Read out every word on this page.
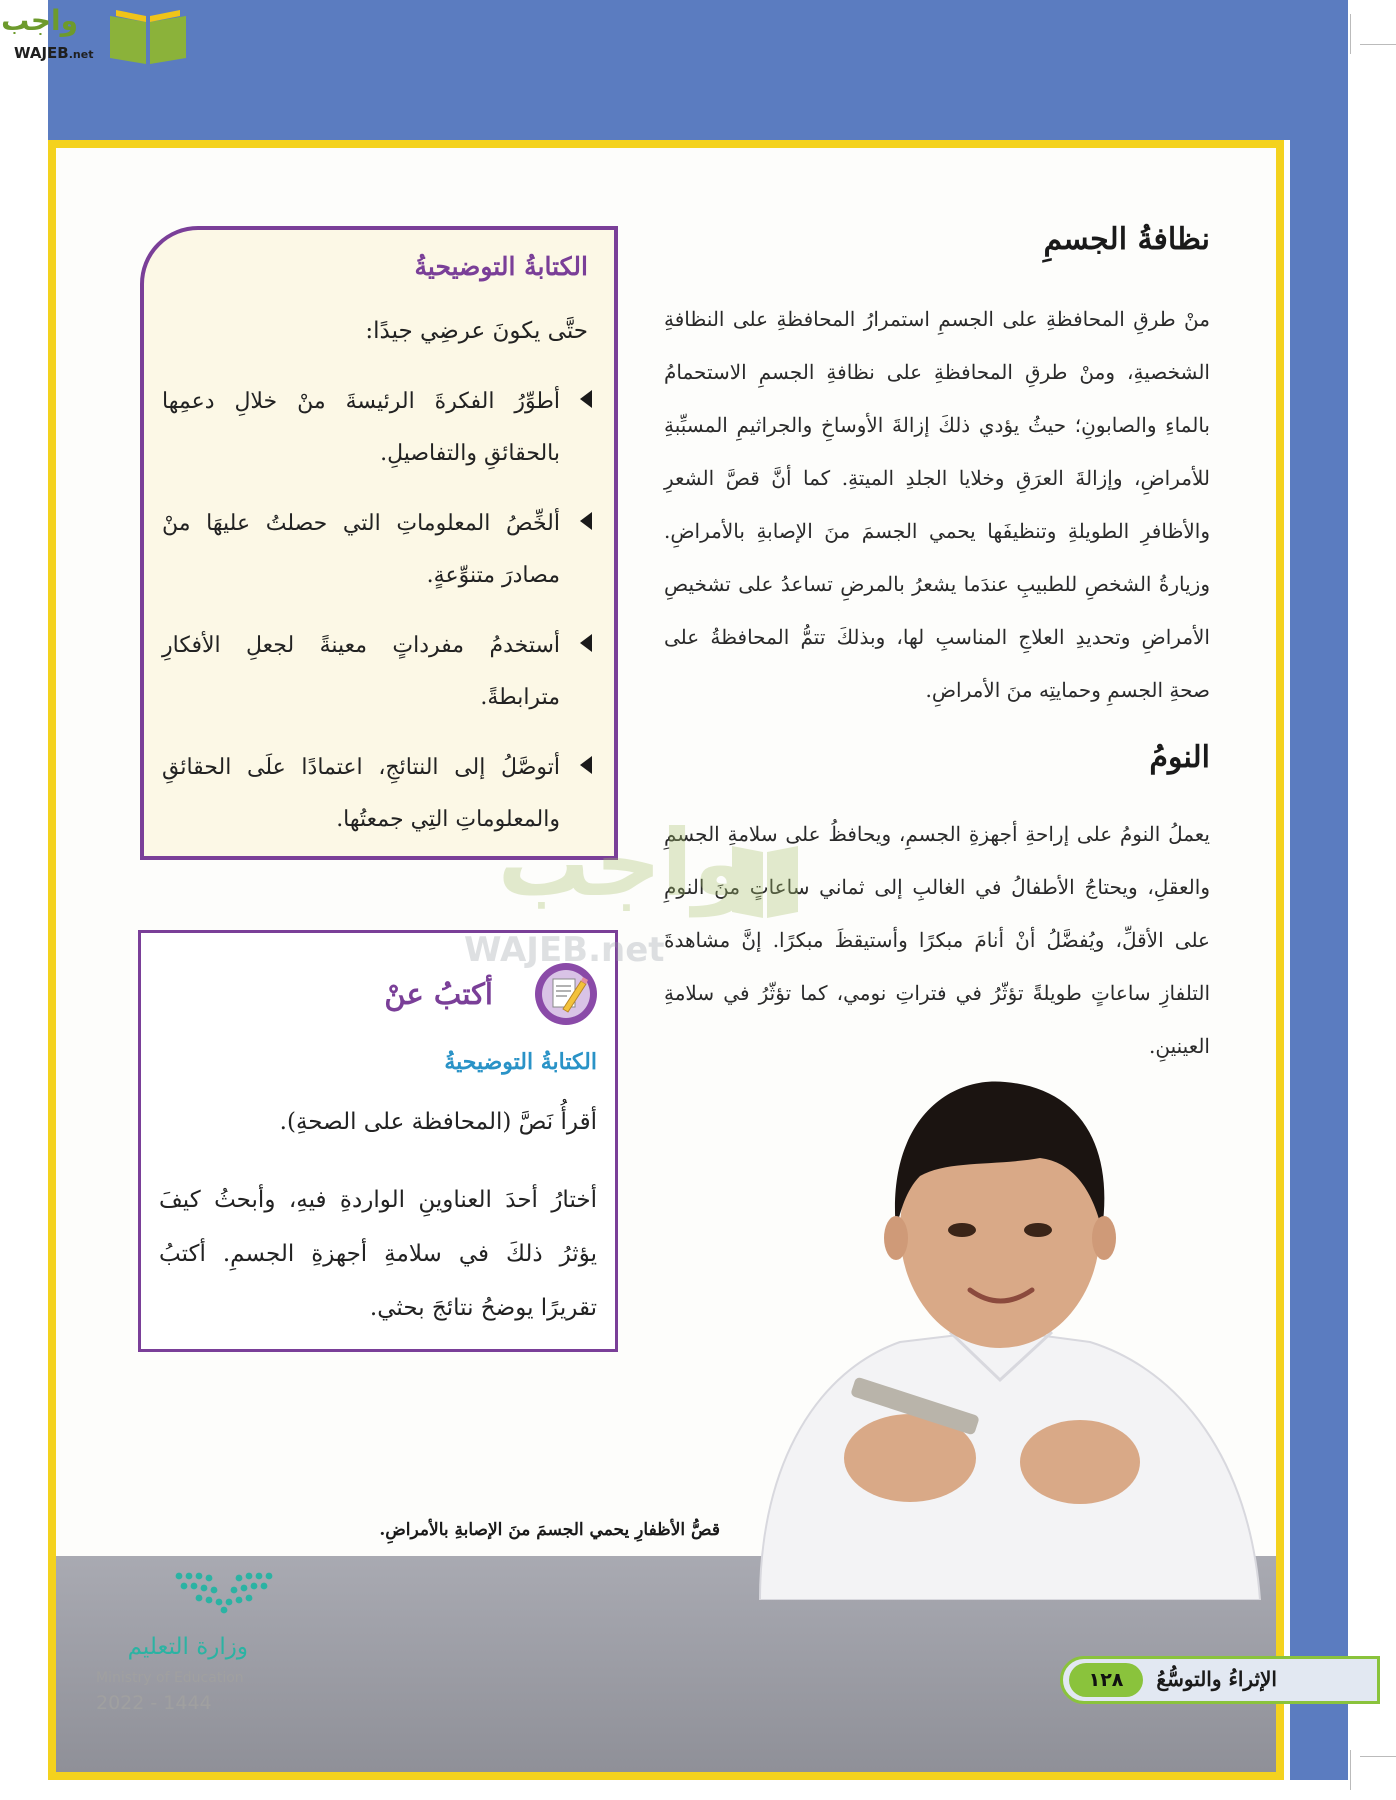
واجب
WAJEB.net
نظافةُ الجسمِ

منْ طرقِ المحافظةِ على الجسمِ استمرارُ المحافظةِ على النظافةِ الشخصيةِ، ومنْ طرقِ المحافظةِ على نظافةِ الجسمِ الاستحمامُ بالماءِ والصابونِ؛ حيثُ يؤدي ذلكَ إزالةَ الأوساخِ والجراثيمِ المسبِّبةِ للأمراضِ، وإزالةَ العرَقِ وخلايا الجلدِ الميتةِ. كما أنَّ قصَّ الشعرِ والأظافرِ الطويلةِ وتنظيفَها يحمي الجسمَ منَ الإصابةِ بالأمراضِ. وزيارةُ الشخصِ للطبيبِ عندَما يشعرُ بالمرضِ تساعدُ على تشخيصِ الأمراضِ وتحديدِ العلاجِ المناسبِ لها، وبذلكَ تتمُّ المحافظةُ على صحةِ الجسمِ وحمايتِه منَ الأمراضِ.

النومُ

يعملُ النومُ على إراحةِ أجهزةِ الجسمِ، ويحافظُ على سلامةِ الجسمِ والعقلِ، ويحتاجُ الأطفالُ في الغالبِ إلى ثماني ساعاتٍ منَ النومِ على الأقلِّ، ويُفضَّلُ أنْ أنامَ مبكرًا وأستيقظَ مبكرًا. إنَّ مشاهدةَ التلفازِ ساعاتٍ طويلةً تؤثّرُ في فتراتِ نومي، كما تؤثّرُ في سلامةِ العينينِ.

الكتابةُ التوضيحيةُ
حتَّى يكونَ عرضِي جيدًا:
أطوِّرُ الفكرةَ الرئيسةَ منْ خلالِ دعمِها بالحقائقِ والتفاصيلِ.
ألخِّصُ المعلوماتِ التي حصلتُ عليهَا منْ مصادرَ متنوِّعةٍ.
أستخدمُ مفرداتٍ معينةً لجعلِ الأفكارِ مترابطةً.
أتوصَّلُ إلى النتائجِ، اعتمادًا علَى الحقائقِ والمعلوماتِ التِي جمعتُها.
أكتبُ عنْ
الكتابةُ التوضيحيةُ
أقرأُ نَصَّ (المحافظة على الصحةِ).
أختارُ أحدَ العناوينِ الواردةِ فيهِ، وأبحثُ كيفَ يؤثرُ ذلكَ في سلامةِ أجهزةِ الجسمِ. أكتبُ تقريرًا يوضحُ نتائجَ بحثي.
واجب
WAJEB.net
قصُّ الأظفارِ يحمي الجسمَ منَ الإصابةِ بالأمراضِ.
وزارة التعليم
Ministry of Education
2022 - 1444
الإثراءُ والتوسُّعُ
١٢٨
